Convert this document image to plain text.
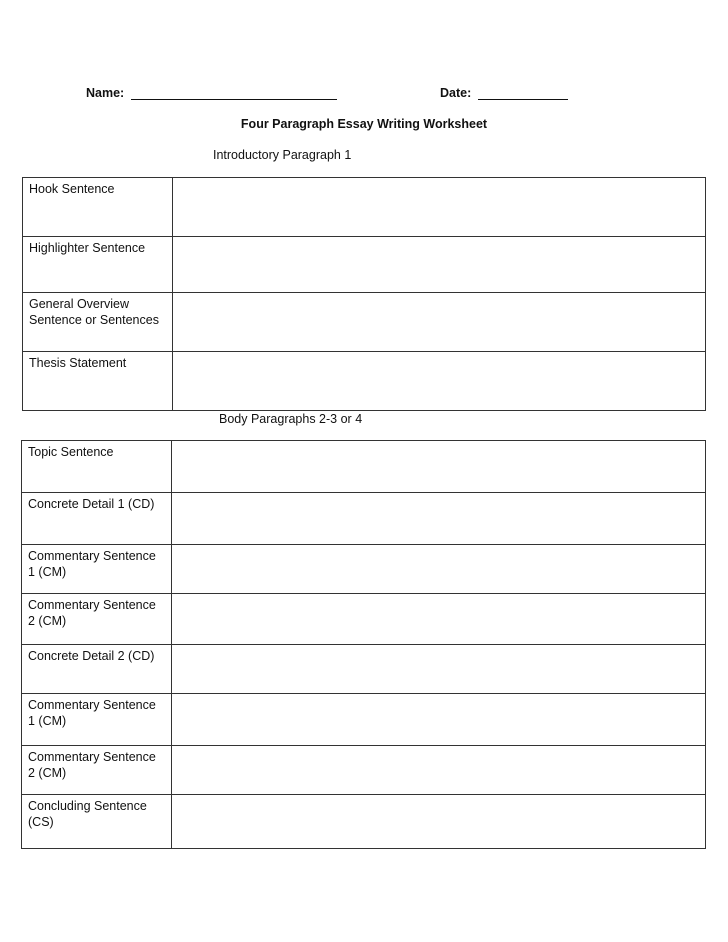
Name:	Date:
Four Paragraph Essay Writing Worksheet
Introductory Paragraph 1
Hook Sentence	
Highlighter Sentence	
General Overview Sentence or Sentences	
Thesis Statement	
Body Paragraphs 2-3 or 4
Topic Sentence	
Concrete Detail 1 (CD)	
Commentary Sentence 1 (CM)	
Commentary Sentence 2 (CM)	
Concrete Detail 2 (CD)	
Commentary Sentence 1 (CM)	
Commentary Sentence 2 (CM)	
Concluding Sentence (CS)	
